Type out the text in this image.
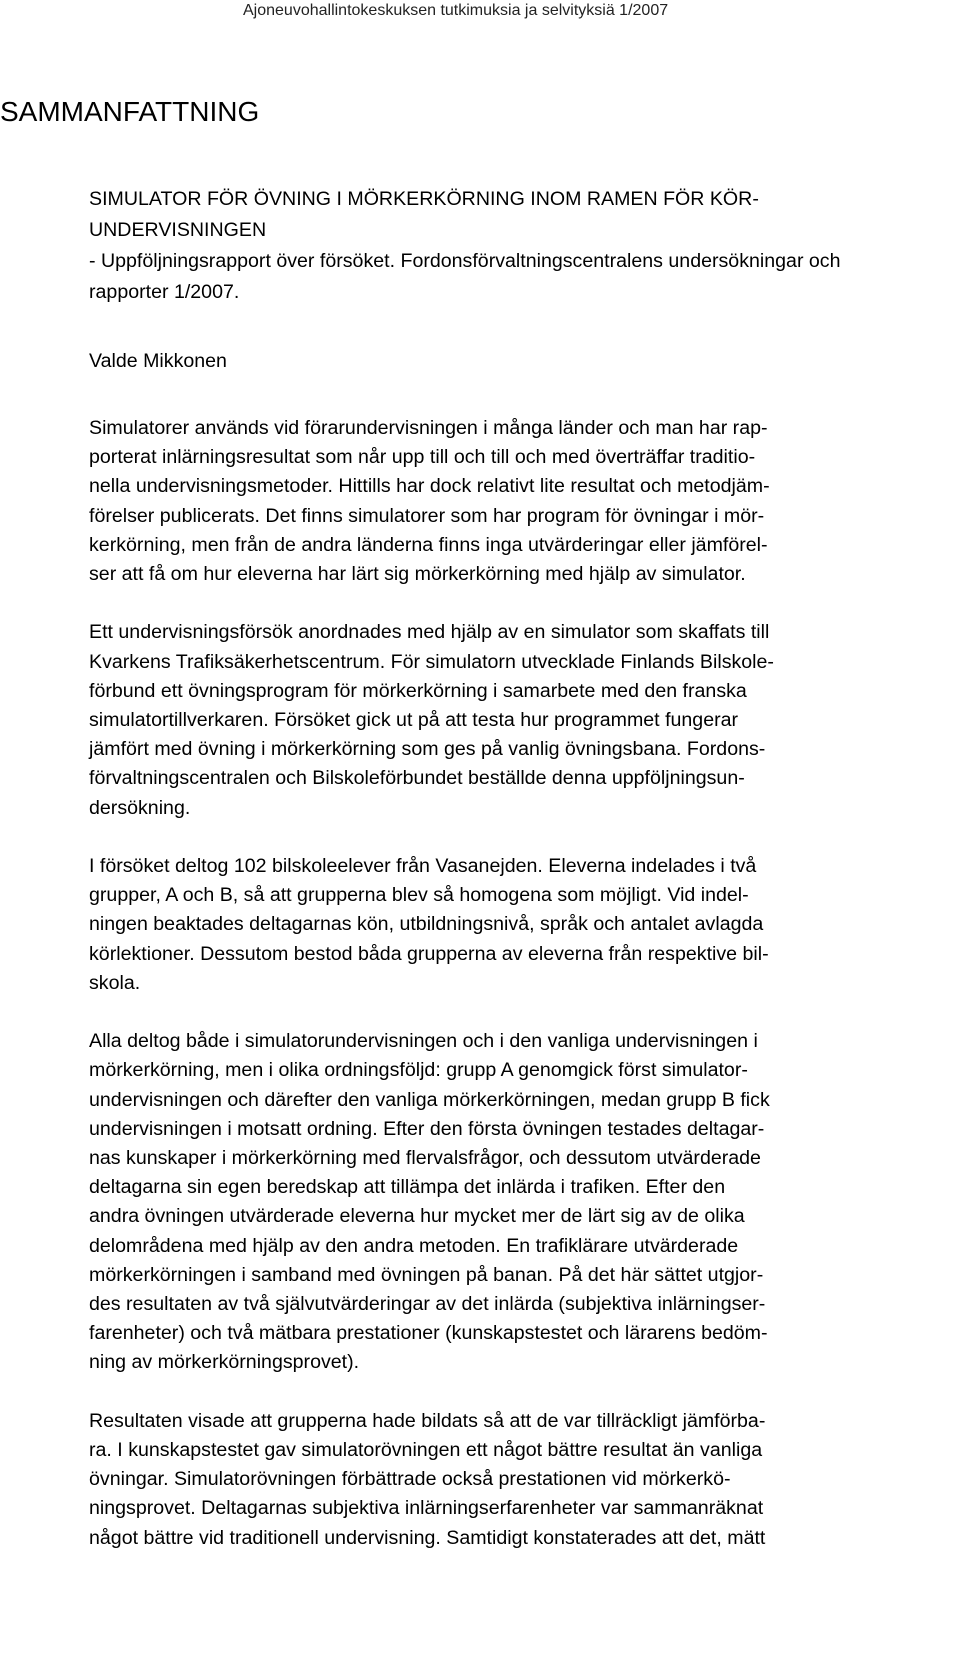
Ajoneuvohallintokeskuksen tutkimuksia ja selvityksiä 1/2007
SAMMANFATTNING
SIMULATOR FÖR ÖVNING I MÖRKERKÖRNING INOM RAMEN FÖR KÖR-
UNDERVISNINGEN
- Uppföljningsrapport över försöket. Fordonsförvaltningscentralens undersökningar och
rapporter 1/2007.
Valde Mikkonen
Simulatorer används vid förarundervisningen i många länder och man har rap-
porterat inlärningsresultat som når upp till och till och med överträffar traditio-
nella undervisningsmetoder. Hittills har dock relativt lite resultat och metodjäm-
förelser publicerats. Det finns simulatorer som har program för övningar i mör-
kerkörning, men från de andra länderna finns inga utvärderingar eller jämförel-
ser att få om hur eleverna har lärt sig mörkerkörning med hjälp av simulator.
Ett undervisningsförsök anordnades med hjälp av en simulator som skaffats till
Kvarkens Trafiksäkerhetscentrum. För simulatorn utvecklade Finlands Bilskole-
förbund ett övningsprogram för mörkerkörning i samarbete med den franska
simulatortillverkaren. Försöket gick ut på att testa hur programmet fungerar
jämfört med övning i mörkerkörning som ges på vanlig övningsbana. Fordons-
förvaltningscentralen och Bilskoleförbundet beställde denna uppföljningsun-
dersökning.
I försöket deltog 102 bilskoleelever från Vasanejden. Eleverna indelades i två
grupper, A och B, så att grupperna blev så homogena som möjligt. Vid indel-
ningen beaktades deltagarnas kön, utbildningsnivå, språk och antalet avlagda
körlektioner. Dessutom bestod båda grupperna av eleverna från respektive bil-
skola.
Alla deltog både i simulatorundervisningen och i den vanliga undervisningen i
mörkerkörning, men i olika ordningsföljd: grupp A genomgick först simulator-
undervisningen och därefter den vanliga mörkerkörningen, medan grupp B fick
undervisningen i motsatt ordning. Efter den första övningen testades deltagar-
nas kunskaper i mörkerkörning med flervalsfrågor, och dessutom utvärderade
deltagarna sin egen beredskap att tillämpa det inlärda i trafiken. Efter den
andra övningen utvärderade eleverna hur mycket mer de lärt sig av de olika
delområdena med hjälp av den andra metoden. En trafiklärare utvärderade
mörkerkörningen i samband med övningen på banan. På det här sättet utgjor-
des resultaten av två självutvärderingar av det inlärda (subjektiva inlärningser-
farenheter) och två mätbara prestationer (kunskapstestet och lärarens bedöm-
ning av mörkerkörningsprovet).
Resultaten visade att grupperna hade bildats så att de var tillräckligt jämförba-
ra. I kunskapstestet gav simulatorövningen ett något bättre resultat än vanliga
övningar. Simulatorövningen förbättrade också prestationen vid mörkerkö-
ningsprovet. Deltagarnas subjektiva inlärningserfarenheter var sammanräknat
något bättre vid traditionell undervisning. Samtidigt konstaterades att det, mätt
